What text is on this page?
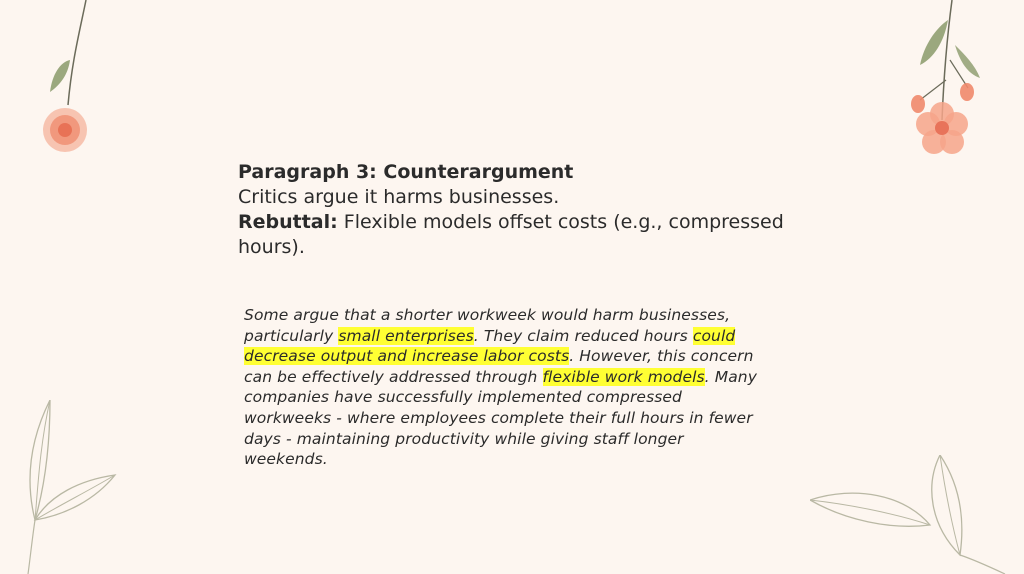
Paragraph 3: Counterargument
Critics argue it harms businesses.
Rebuttal: Flexible models offset costs (e.g., compressed hours).
Some argue that a shorter workweek would harm businesses, particularly small enterprises. They claim reduced hours could decrease output and increase labor costs. However, this concern can be effectively addressed through flexible work models. Many companies have successfully implemented compressed workweeks - where employees complete their full hours in fewer days - maintaining productivity while giving staff longer weekends.
